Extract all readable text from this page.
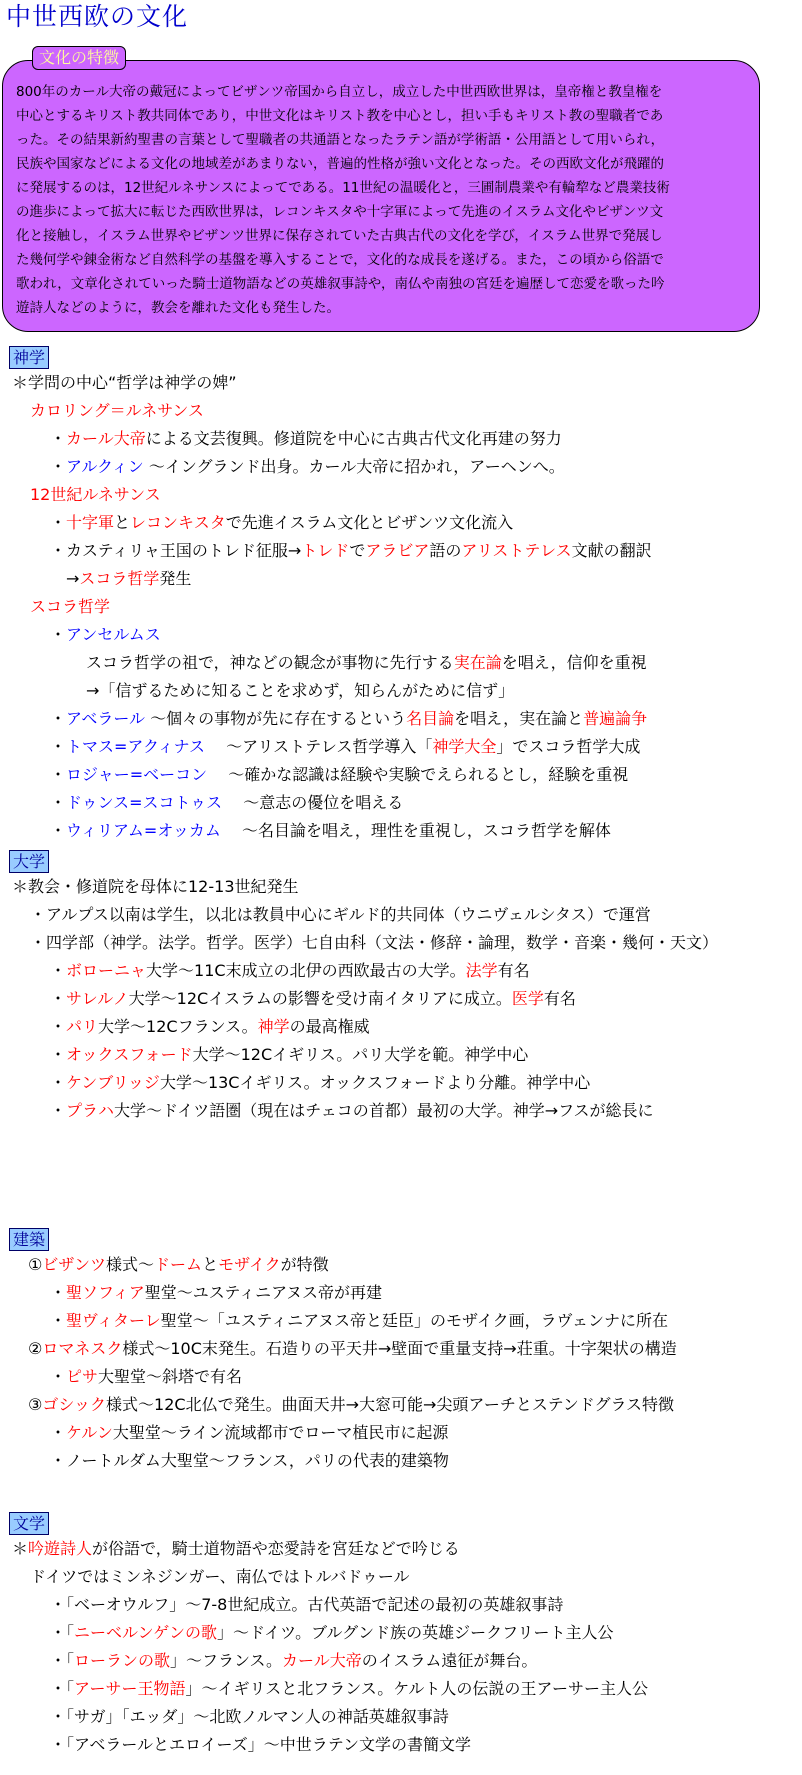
中世西欧の文化
文化の特徴
800年のカール大帝の戴冠によってビザンツ帝国から自立し，成立した中世西欧世界は，皇帝権と教皇権を
中心とするキリスト教共同体であり，中世文化はキリスト教を中心とし，担い手もキリスト教の聖職者であ
った。その結果新約聖書の言葉として聖職者の共通語となったラテン語が学術語・公用語として用いられ，
民族や国家などによる文化の地域差があまりない，普遍的性格が強い文化となった。その西欧文化が飛躍的
に発展するのは，12世紀ルネサンスによってである。11世紀の温暖化と，三圃制農業や有輪犂など農業技術
の進歩によって拡大に転じた西欧世界は，レコンキスタや十字軍によって先進のイスラム文化やビザンツ文
化と接触し，イスラム世界やビザンツ世界に保存されていた古典古代の文化を学び，イスラム世界で発展し
た幾何学や錬金術など自然科学の基盤を導入することで，文化的な成長を遂げる。また，この頃から俗語で
歌われ，文章化されていった騎士道物語などの英雄叙事詩や，南仏や南独の宮廷を遍歴して恋愛を歌った吟
遊詩人などのように，教会を離れた文化も発生した。
神学
大学
建築
文学
＊学問の中心“哲学は神学の婢”
カロリング＝ルネサンス
・カール大帝による文芸復興。修道院を中心に古典古代文化再建の努力
・アルクィン ～イングランド出身。カール大帝に招かれ，アーヘンへ。
12世紀ルネサンス
・十字軍とレコンキスタで先進イスラム文化とビザンツ文化流入
・カスティリャ王国のトレド征服→トレドでアラビア語のアリストテレス文献の翻訳
→スコラ哲学発生
スコラ哲学
・アンセルムス
スコラ哲学の祖で，神などの観念が事物に先行する実在論を唱え，信仰を重視
→「信ずるために知ることを求めず，知らんがために信ず」
・アベラール ～個々の事物が先に存在するという名目論を唱え，実在論と普遍論争
・トマス=アクィナス　 ～アリストテレス哲学導入「神学大全」でスコラ哲学大成
・ロジャー=ベーコン　 ～確かな認識は経験や実験でえられるとし，経験を重視
・ドゥンス=スコトゥス　 ～意志の優位を唱える
・ウィリアム=オッカム　 ～名目論を唱え，理性を重視し，スコラ哲学を解体
＊教会・修道院を母体に12-13世紀発生
・アルプス以南は学生，以北は教員中心にギルド的共同体（ウニヴェルシタス）で運営
・四学部（神学。法学。哲学。医学）七自由科（文法・修辞・論理，数学・音楽・幾何・天文）
・ボローニャ大学～11C末成立の北伊の西欧最古の大学。法学有名
・サレルノ大学～12Cイスラムの影響を受け南イタリアに成立。医学有名
・パリ大学～12Cフランス。神学の最高権威
・オックスフォード大学～12Cイギリス。パリ大学を範。神学中心
・ケンブリッジ大学～13Cイギリス。オックスフォードより分離。神学中心
・プラハ大学～ドイツ語圏（現在はチェコの首都）最初の大学。神学→フスが総長に
①ビザンツ様式～ドームとモザイクが特徴
・聖ソフィア聖堂～ユスティニアヌス帝が再建
・聖ヴィターレ聖堂～「ユスティニアヌス帝と廷臣」のモザイク画，ラヴェンナに所在
②ロマネスク様式～10C末発生。石造りの平天井→壁面で重量支持→荘重。十字架状の構造
・ピサ大聖堂～斜塔で有名
③ゴシック様式～12C北仏で発生。曲面天井→大窓可能→尖頭アーチとステンドグラス特徴
・ケルン大聖堂～ライン流域都市でローマ植民市に起源
・ノートルダム大聖堂～フランス，パリの代表的建築物
＊吟遊詩人が俗語で，騎士道物語や恋愛詩を宮廷などで吟じる
ドイツではミンネジンガー、南仏ではトルバドゥール
・「ベーオウルフ」～7-8世紀成立。古代英語で記述の最初の英雄叙事詩
・「ニーベルンゲンの歌」～ドイツ。ブルグンド族の英雄ジークフリート主人公
・「ローランの歌」～フランス。カール大帝のイスラム遠征が舞台。
・「アーサー王物語」～イギリスと北フランス。ケルト人の伝説の王アーサー主人公
・「サガ」「エッダ」～北欧ノルマン人の神話英雄叙事詩
・「アベラールとエロイーズ」～中世ラテン文学の書簡文学
